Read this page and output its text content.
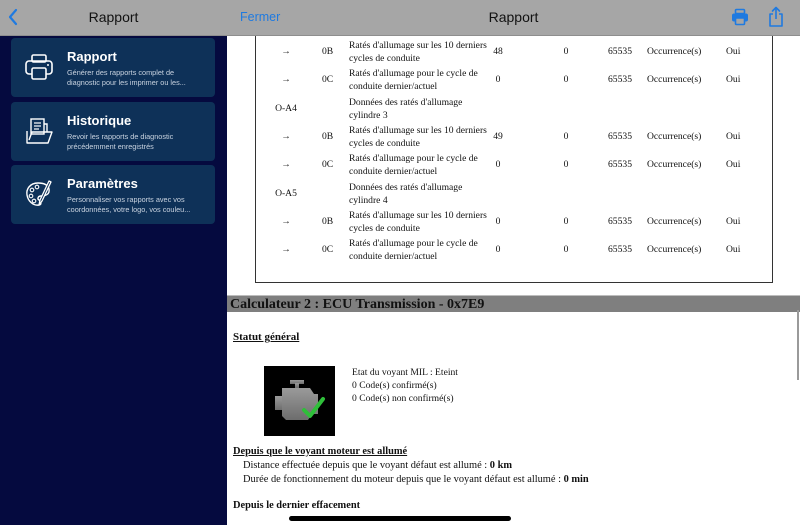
Rapport
Rapport
Générer des rapports complet de
diagnostic pour les imprimer ou les...
Historique
Revoir les rapports de diagnostic
précédemment enregistrés
Paramètres
Personnaliser vos rapports avec vos
coordonnées, votre logo, vos couleu...
→	0B
Ratés d'allumage sur les 10 derniers
cycles de conduite
48	0	65535	Occurrence(s)	Oui
→	0C
Ratés d'allumage pour le cycle de
conduite dernier/actuel
0	0	65535	Occurrence(s)	Oui
O-A4
Données des ratés d'allumage
cylindre 3
→	0B
Ratés d'allumage sur les 10 derniers
cycles de conduite
49	0	65535	Occurrence(s)	Oui
→	0C
Ratés d'allumage pour le cycle de
conduite dernier/actuel
0	0	65535	Occurrence(s)	Oui
O-A5
Données des ratés d'allumage
cylindre 4
→	0B
Ratés d'allumage sur les 10 derniers
cycles de conduite
0	0	65535	Occurrence(s)	Oui
→	0C
Ratés d'allumage pour le cycle de
conduite dernier/actuel
0	0	65535	Occurrence(s)	Oui
Calculateur 2 : ECU Transmission - 0x7E9
Statut général
Etat du voyant MIL : Eteint
0 Code(s) confirmé(s)
0 Code(s) non confirmé(s)
Depuis que le voyant moteur est allumé
Distance effectuée depuis que le voyant défaut est allumé : 0 km
Durée de fonctionnement du moteur depuis que le voyant défaut est allumé : 0 min
Depuis le dernier effacement
Fermer	Rapport
